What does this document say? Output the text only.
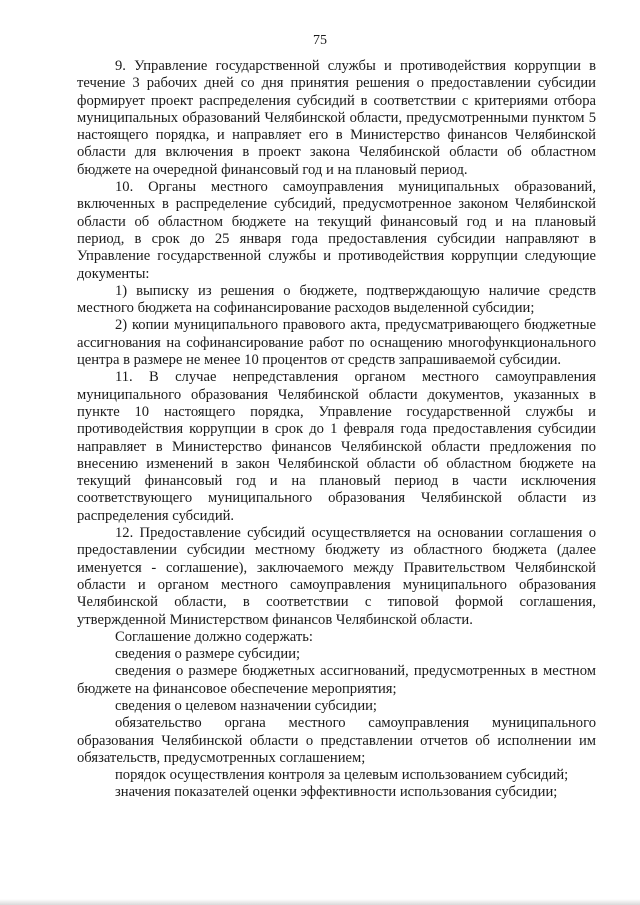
75

9. Управление государственной службы и противодействия коррупции в течение 3 рабочих дней со дня принятия решения о предоставлении субсидии формирует проект распределения субсидий в соответствии с критериями отбора муниципальных образований Челябинской области, предусмотренными пунктом 5 настоящего порядка, и направляет его в Министерство финансов Челябинской области для включения в проект закона Челябинской области об областном бюджете на очередной финансовый год и на плановый период.

10. Органы местного самоуправления муниципальных образований, включенных в распределение субсидий, предусмотренное законом Челябинской области об областном бюджете на текущий финансовый год и на плановый период, в срок до 25 января года предоставления субсидии направляют в Управление государственной службы и противодействия коррупции следующие документы:

1) выписку из решения о бюджете, подтверждающую наличие средств местного бюджета на софинансирование расходов выделенной субсидии;

2) копии муниципального правового акта, предусматривающего бюджетные ассигнования на софинансирование работ по оснащению многофункционального центра в размере не менее 10 процентов от средств запрашиваемой субсидии.

11. В случае непредставления органом местного самоуправления муниципального образования Челябинской области документов, указанных в пункте 10 настоящего порядка, Управление государственной службы и противодействия коррупции в срок до 1 февраля года предоставления субсидии направляет в Министерство финансов Челябинской области предложения по внесению изменений в закон Челябинской области об областном бюджете на текущий финансовый год и на плановый период в части исключения соответствующего муниципального образования Челябинской области из распределения субсидий.

12. Предоставление субсидий осуществляется на основании соглашения о предоставлении субсидии местному бюджету из областного бюджета (далее именуется - соглашение), заключаемого между Правительством Челябинской области и органом местного самоуправления муниципального образования Челябинской области, в соответствии с типовой формой соглашения, утвержденной Министерством финансов Челябинской области.

Соглашение должно содержать:

сведения о размере субсидии;

сведения о размере бюджетных ассигнований, предусмотренных в местном бюджете на финансовое обеспечение мероприятия;

сведения о целевом назначении субсидии;

обязательство органа местного самоуправления муниципального образования Челябинской области о представлении отчетов об исполнении им обязательств, предусмотренных соглашением;

порядок осуществления контроля за целевым использованием субсидий;

значения показателей оценки эффективности использования субсидии;
